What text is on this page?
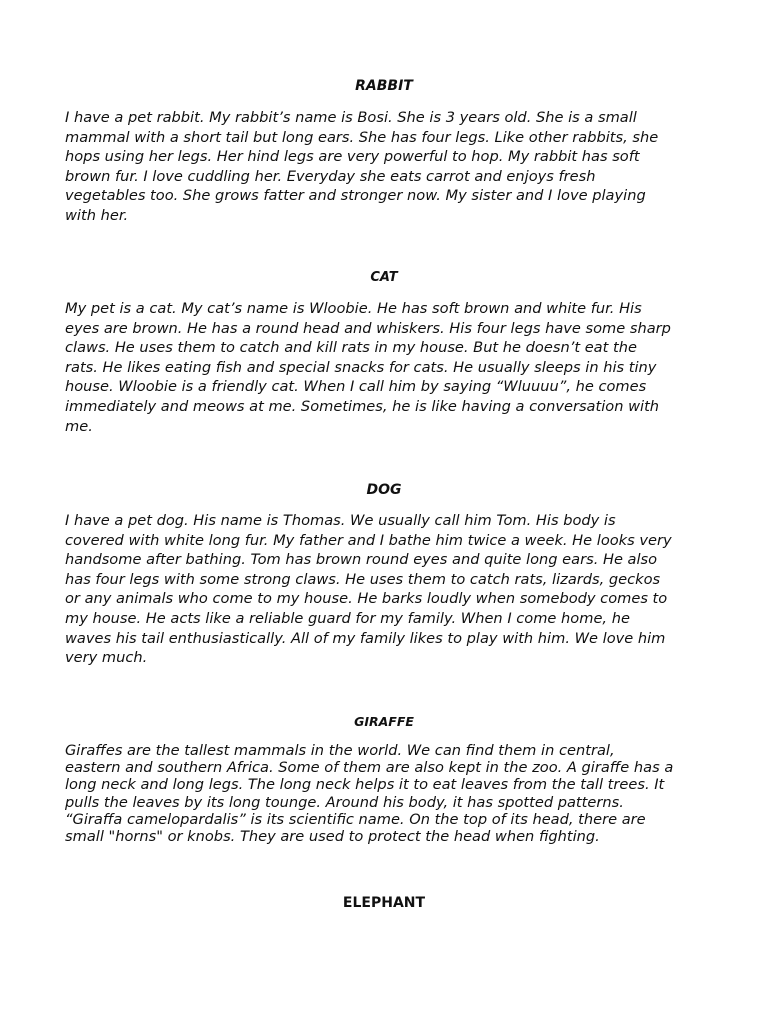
RABBIT

I have a pet rabbit. My rabbit’s name is Bosi. She is 3 years old. She is a small
mammal with a short tail but long ears. She has four legs. Like other rabbits, she
hops using her legs. Her hind legs are very powerful to hop. My rabbit has soft
brown fur. I love cuddling her. Everyday she eats carrot and enjoys fresh
vegetables too. She grows fatter and stronger now. My sister and I love playing
with her.

CAT

My pet is a cat. My cat’s name is Wloobie. He has soft brown and white fur. His
eyes are brown. He has a round head and whiskers. His four legs have some sharp
claws. He uses them to catch and kill rats in my house. But he doesn’t eat the
rats. He likes eating fish and special snacks for cats. He usually sleeps in his tiny
house. Wloobie is a friendly cat. When I call him by saying “Wluuuu”, he comes
immediately and meows at me. Sometimes, he is like having a conversation with
me.

DOG

I have a pet dog. His name is Thomas. We usually call him Tom. His body is
covered with white long fur. My father and I bathe him twice a week. He looks very
handsome after bathing. Tom has brown round eyes and quite long ears. He also
has four legs with some strong claws. He uses them to catch rats, lizards, geckos
or any animals who come to my house. He barks loudly when somebody comes to
my house. He acts like a reliable guard for my family. When I come home, he
waves his tail enthusiastically. All of my family likes to play with him. We love him
very much.

GIRAFFE

Giraffes are the tallest mammals in the world. We can find them in central,
eastern and southern Africa. Some of them are also kept in the zoo. A giraffe has a
long neck and long legs. The long neck helps it to eat leaves from the tall trees. It
pulls the leaves by its long tounge. Around his body, it has spotted patterns.
“Giraffa camelopardalis” is its scientific name. On the top of its head, there are
small "horns" or knobs. They are used to protect the head when fighting.

ELEPHANT
